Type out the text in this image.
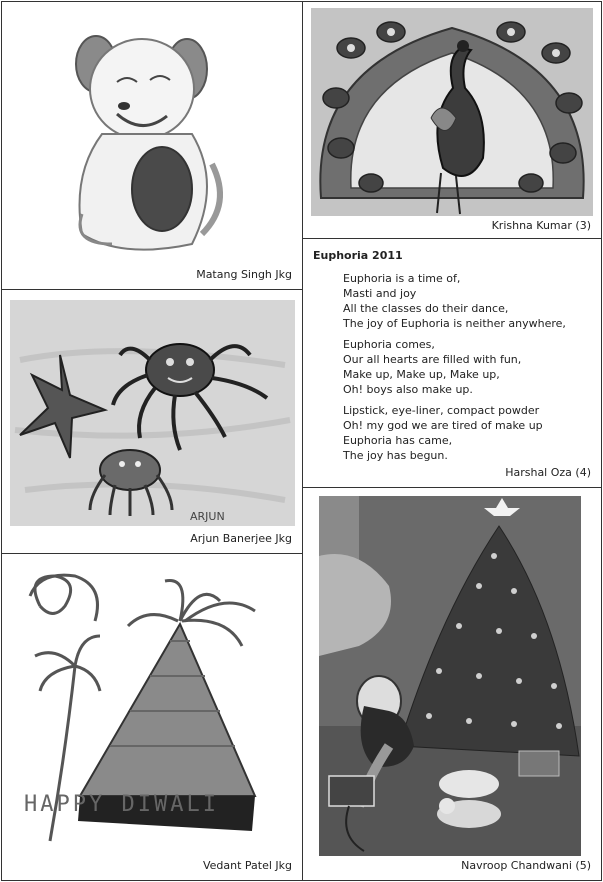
Matang Singh Jkg
Krishna Kumar (3)
Euphoria 2011
Euphoria is a time of,
Masti and joy
All the classes do their dance,
The joy of Euphoria is neither anywhere,
Euphoria comes,
Our all hearts are filled with fun,
Make up, Make up, Make up,
Oh! boys also make up.
Lipstick, eye-liner, compact powder
Oh! my god we are tired of make up
Euphoria has came,
The joy has begun.
Harshal Oza (4)
ARJUN
Arjun Banerjee Jkg
HAPPY DIWALI
Vedant Patel Jkg	Navroop Chandwani (5)
